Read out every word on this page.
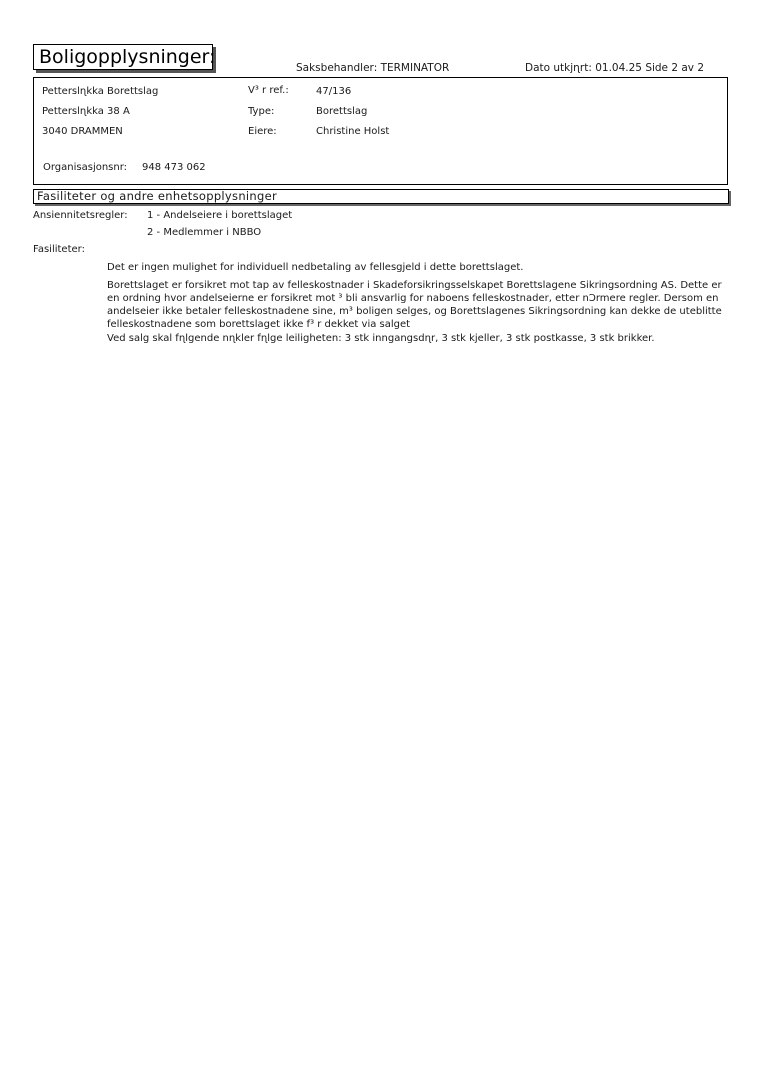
Boligopplysninger:	Saksbehandler: TERMINATOR	Dato utkjɳrt: 01.04.25 Side 2 av 2
Petterslɳkka Borettslag
Petterslɳkka 38 A
3040 DRAMMEN
Organisasjonsnr: 948 473 062
V³ r ref.:	47/136
Type:	Borettslag
Eiere:	Christine Holst
Fasiliteter og andre enhetsopplysninger
Ansiennitetsregler: 1 - Andelseiere i borettslaget
2 - Medlemmer i NBBO
Fasiliteter:
Det er ingen mulighet for individuell nedbetaling av fellesgjeld i dette borettslaget.
Borettslaget er forsikret mot tap av felleskostnader i Skadeforsikringsselskapet Borettslagene Sikringsordning AS. Dette er en ordning hvor andelseierne er forsikret mot ³ bli ansvarlig for naboens felleskostnader, etter nƆrmere regler. Dersom en andelseier ikke betaler felleskostnadene sine, m³ boligen selges, og Borettslagenes Sikringsordning kan dekke de uteblitte felleskostnadene som borettslaget ikke f³ r dekket via salget
Ved salg skal fɳlgende nɳkler fɳlge leiligheten: 3 stk inngangsdɳr, 3 stk kjeller, 3 stk postkasse, 3 stk brikker.
